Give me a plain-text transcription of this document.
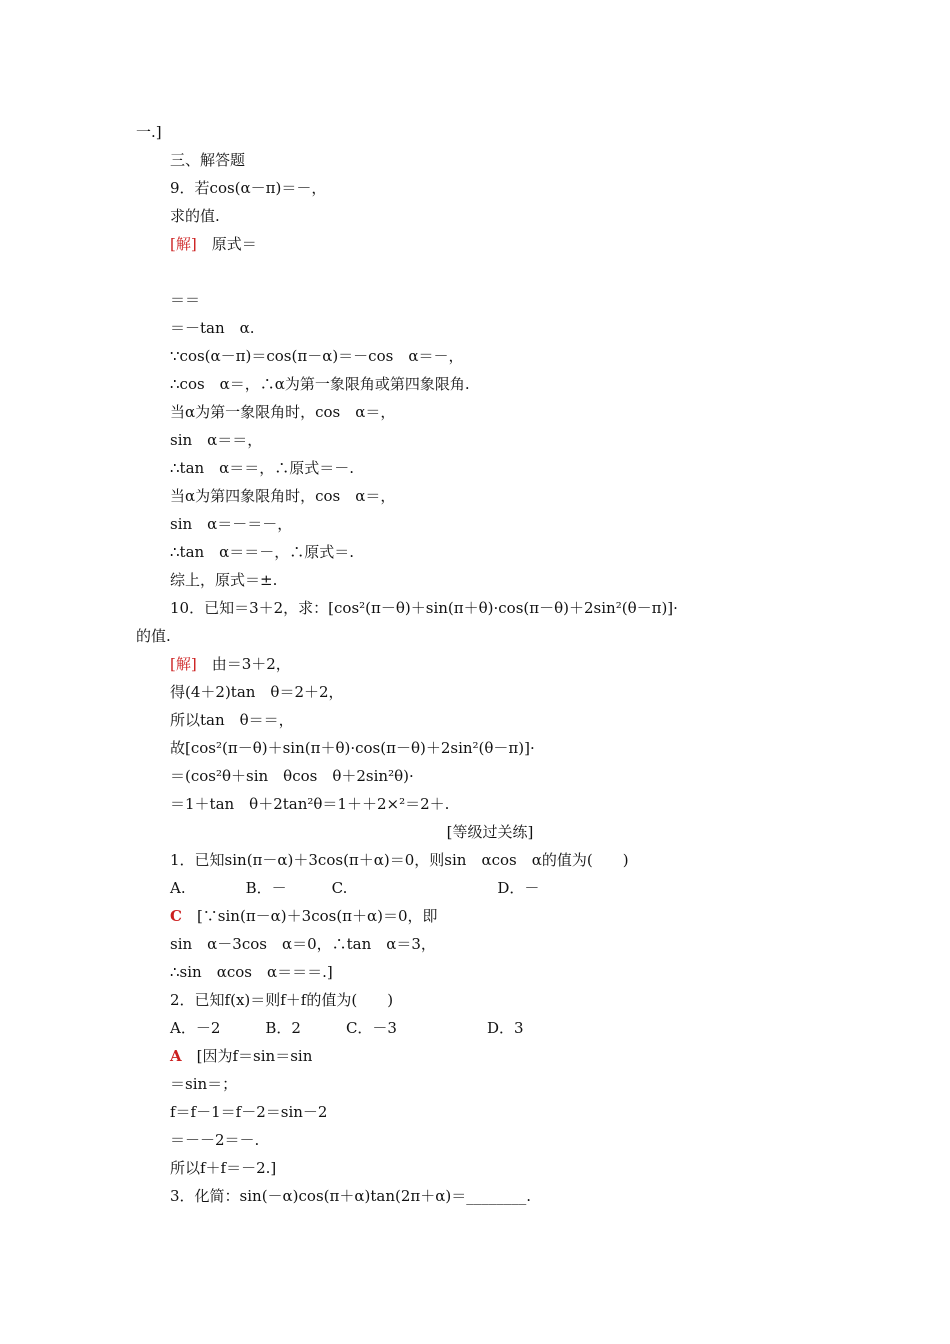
一.]
三、解答题
9．若cos(α－π)＝－，
求的值.
[解]　原式＝
＝＝
＝－tan　α.
∵cos(α－π)＝cos(π－α)＝－cos　α＝－，
∴cos　α＝，∴α为第一象限角或第四象限角.
当α为第一象限角时，cos　α＝，
sin　α＝＝，
∴tan　α＝＝，∴原式＝－.
当α为第四象限角时，cos　α＝，
sin　α＝－＝－，
∴tan　α＝＝－，∴原式＝.
综上，原式＝±.
10．已知＝3＋2，求：[cos²(π－θ)＋sin(π＋θ)·cos(π－θ)＋2sin²(θ－π)]·
的值.
[解]　由＝3＋2，
得(4＋2)tan　θ＝2＋2，
所以tan　θ＝＝，
故[cos²(π－θ)＋sin(π＋θ)·cos(π－θ)＋2sin²(θ－π)]·
＝(cos²θ＋sin　θcos　θ＋2sin²θ)·
＝1＋tan　θ＋2tan²θ＝1＋＋2×²＝2＋.
[等级过关练]
1．已知sin(π－α)＋3cos(π＋α)＝0，则sin　αcos　α的值为(　　)
A.　　　　B．－　　　C.　　　　　　　　　　D．－
C　[∵sin(π－α)＋3cos(π＋α)＝0，即
sin　α－3cos　α＝0，∴tan　α＝3，
∴sin　αcos　α＝＝＝.]
2．已知f(x)＝则f＋f的值为(　　)
A．－2　　　B．2　　　C．－3　　　　　　D．3
A　[因为f＝sin＝sin
＝sin＝；
f＝f－1＝f－2＝sin－2
＝－－2＝－.
所以f＋f＝－2.]
3．化简：sin(－α)cos(π＋α)tan(2π＋α)＝________.
